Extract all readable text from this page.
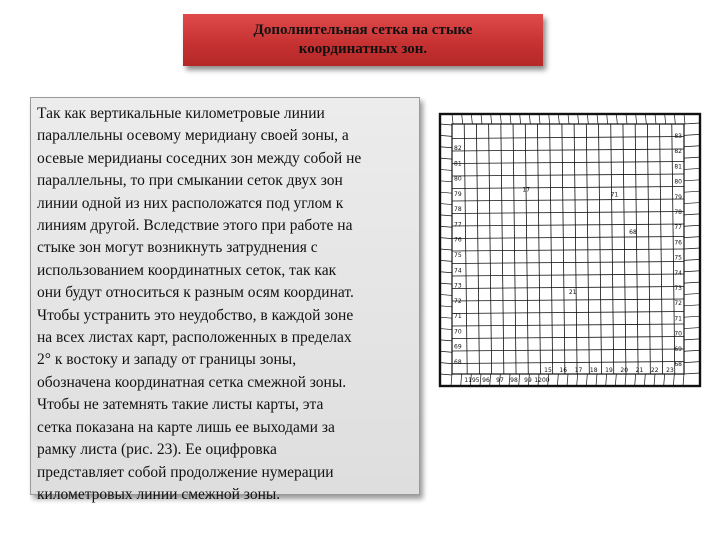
Дополнительная сетка на стыке
координатных зон.

Так как вертикальные километровые линии
параллельны осевому меридиану своей зоны, а
осевые меридианы соседних зон между собой не
параллельны, то при смыкании сеток двух зон
линии одной из них расположатся под углом к
линиям другой. Вследствие этого при работе на
стыке зон могут возникнуть затруднения с
использованием координатных сеток, так как
они будут относиться к разным осям координат.
Чтобы устранить это неудобство, в каждой зоне
на всех листах карт, расположенных в пределах
2° к востоку и западу от границы зоны,
обозначена координатная сетка смежной зоны.
Чтобы не затемнять такие листы карты, эта
сетка показана на карте лишь ее выходами за
рамку листа (рис. 23). Ее оцифровка
представляет собой продолжение нумерации
километровых линии смежной зоны.

83
82
81
80
79
78
77
76
75
74
73
72
71
70
69
68
82
81
80
79
78
77
76
75
74
73
72
71
70
69
68
15 16 17 18 19 20 21 22 23
1195 96 97 98 99 1200
17
71
68
21
